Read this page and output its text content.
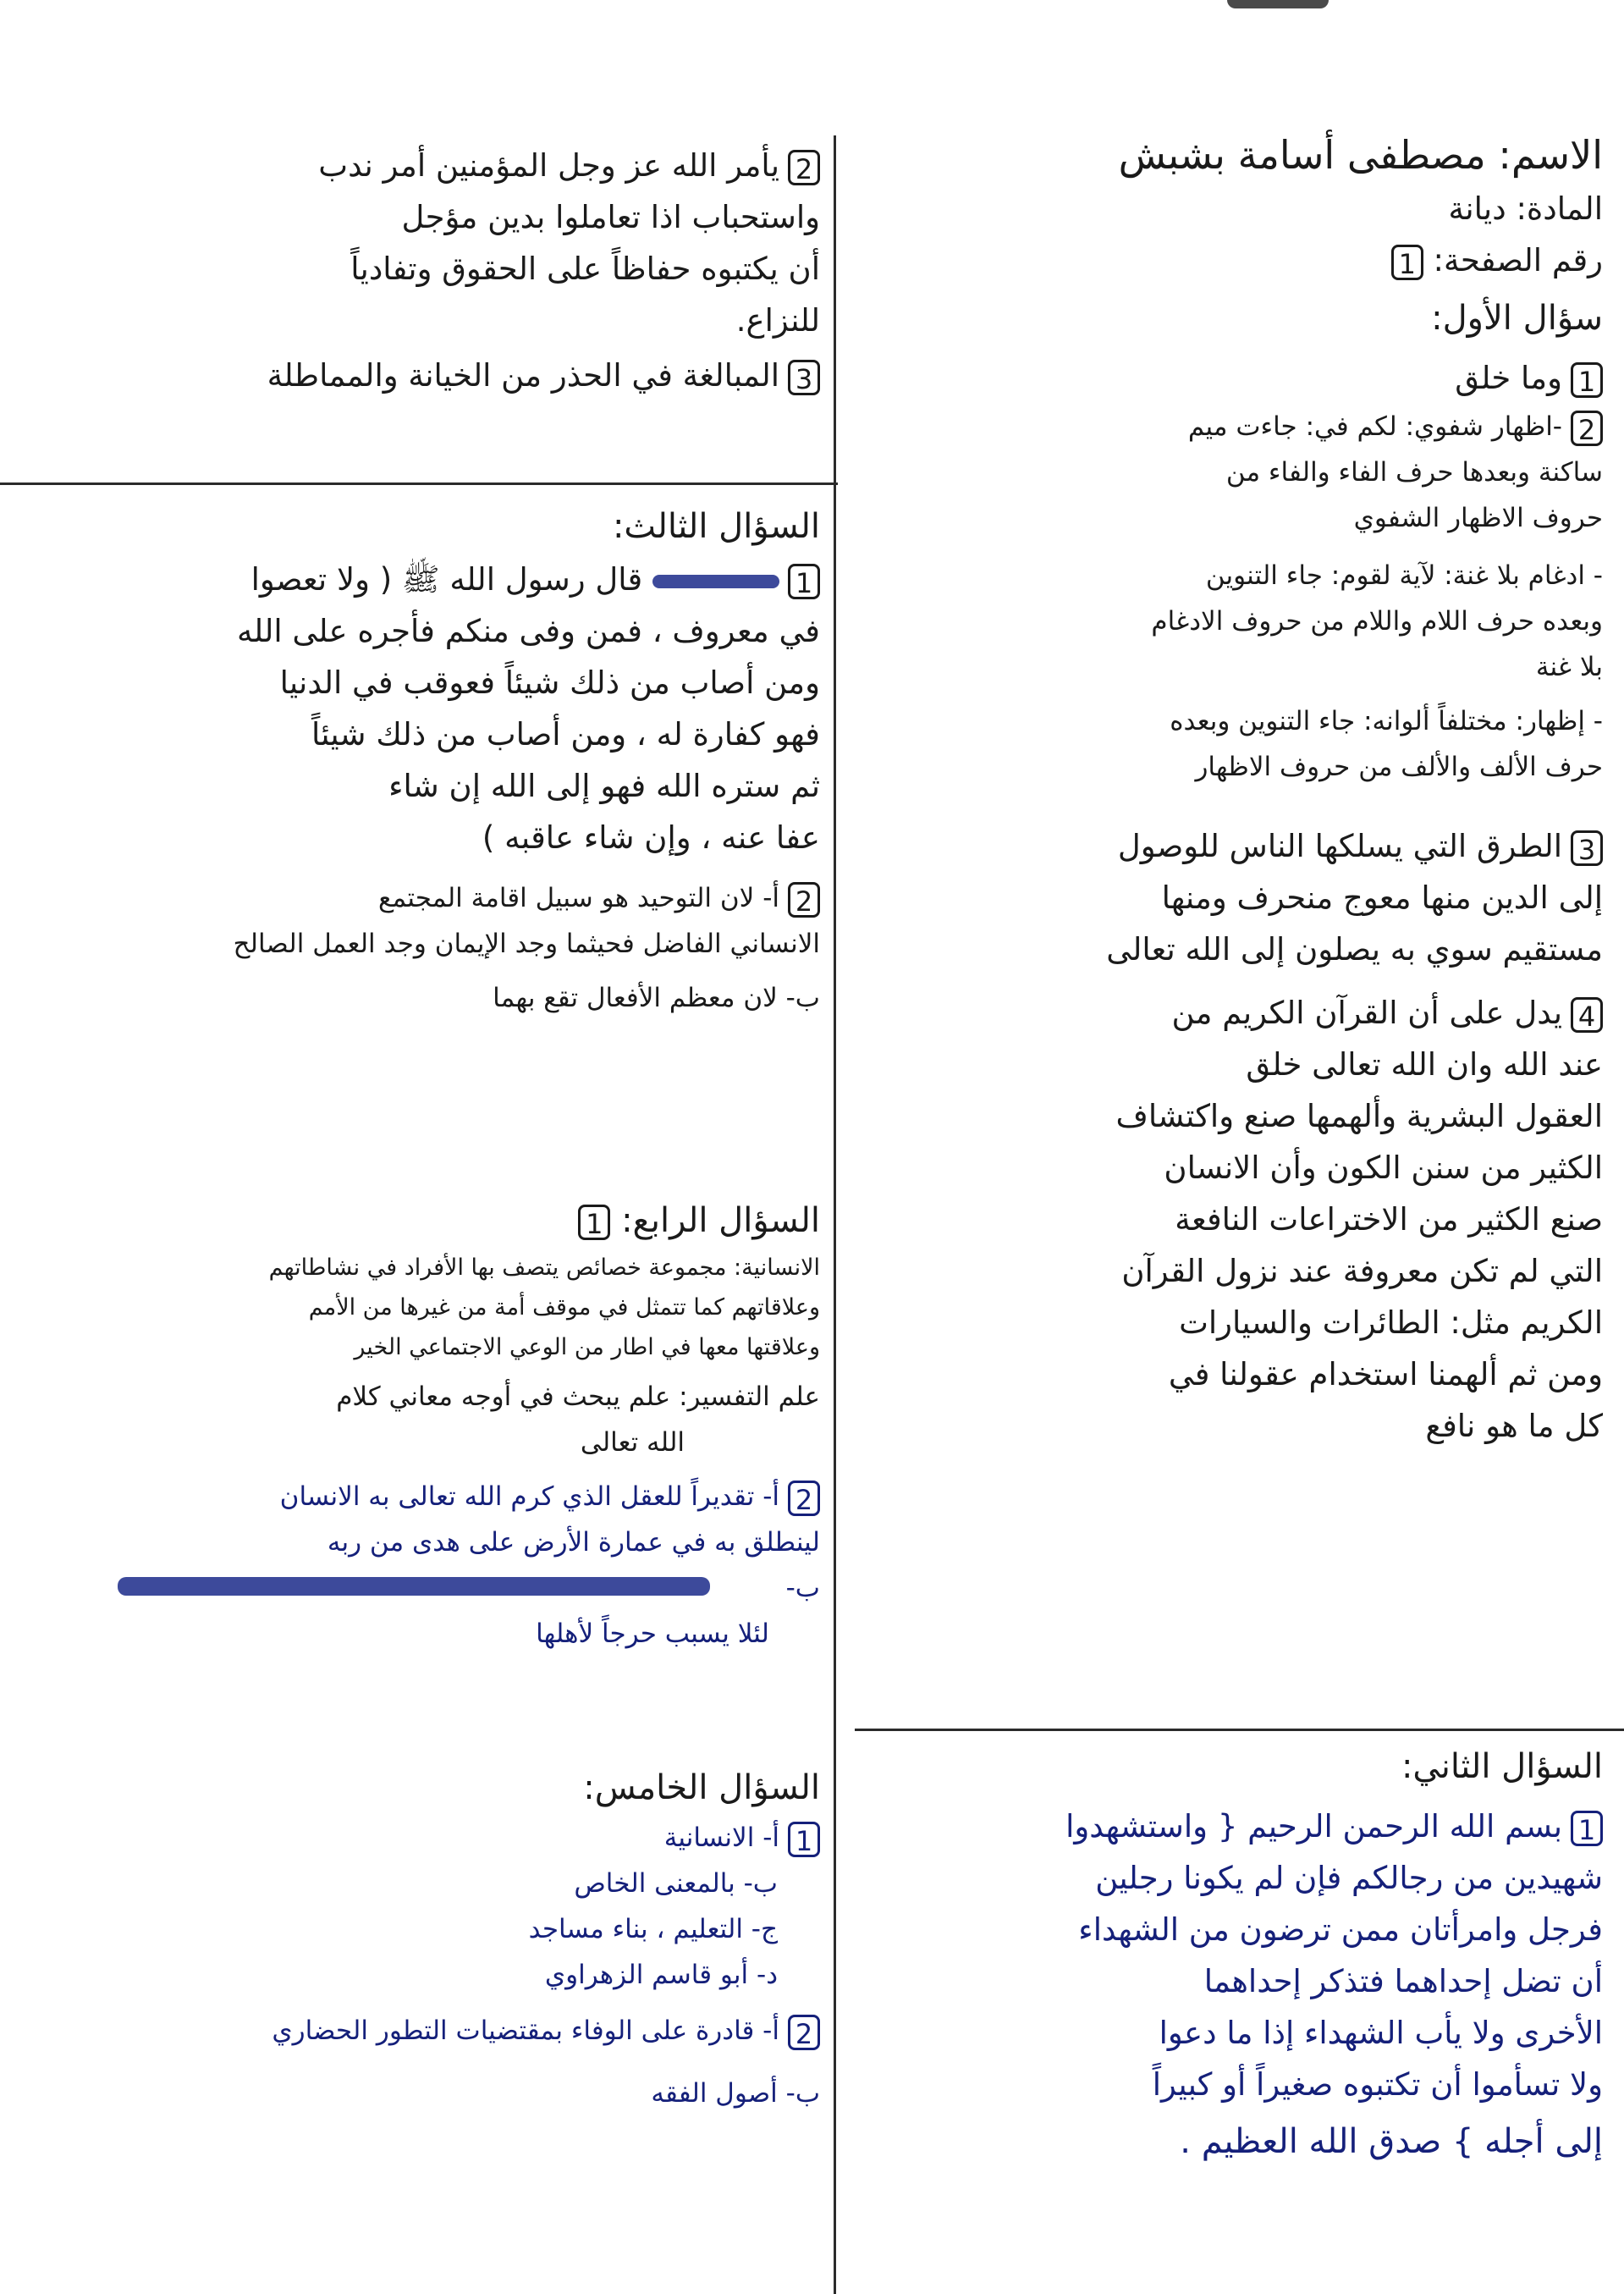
الاسم: مصطفى أسامة بشبش
المادة: ديانة
رقم الصفحة: 1
سؤال الأول:
1وما خلق
2-اظهار شفوي: لكم في: جاءت ميم
ساكنة وبعدها حرف الفاء والفاء من
حروف الاظهار الشفوي
- ادغام بلا غنة: لآية لقوم: جاء التنوين
وبعده حرف اللام واللام من حروف الادغام
بلا غنة
- إظهار: مختلفاً ألوانه: جاء التنوين وبعده
حرف الألف والألف من حروف الاظهار
3الطرق التي يسلكها الناس للوصول
إلى الدين منها معوج منحرف ومنها
مستقيم سوي به يصلون إلى الله تعالى
4يدل على أن القرآن الكريم من
عند الله وان الله تعالى خلق
العقول البشرية وألهمها صنع واكتشاف
الكثير من سنن الكون وأن الانسان
صنع الكثير من الاختراعات النافعة
التي لم تكن معروفة عند نزول القرآن
الكريم مثل: الطائرات والسيارات
ومن ثم ألهمنا استخدام عقولنا في
كل ما هو نافع
السؤال الثاني:
1بسم الله الرحمن الرحيم { واستشهدوا
شهيدين من رجالكم فإن لم يكونا رجلين
فرجل وامرأتان ممن ترضون من الشهداء
أن تضل إحداهما فتذكر إحداهما
الأخرى ولا يأب الشهداء إذا ما دعوا
ولا تسأموا أن تكتبوه صغيراً أو كبيراً
إلى أجله } صدق الله العظيم .
2يأمر الله عز وجل المؤمنين أمر ندب
واستحباب اذا تعاملوا بدين مؤجل
أن يكتبوه حفاظاً على الحقوق وتفادياً
للنزاع.
3المبالغة في الحذر من الخيانة والمماطلة
السؤال الثالث:
1 قال رسول الله ﷺ ( ولا تعصوا
في معروف ، فمن وفى منكم فأجره على الله
ومن أصاب من ذلك شيئاً فعوقب في الدنيا
فهو كفارة له ، ومن أصاب من ذلك شيئاً
ثم ستره الله فهو إلى الله إن شاء
عفا عنه ، وإن شاء عاقبه )
2أ- لان التوحيد هو سبيل اقامة المجتمع
الانساني الفاضل فحيثما وجد الإيمان وجد العمل الصالح
ب- لان معظم الأفعال تقع بهما
السؤال الرابع: 1
الانسانية: مجموعة خصائص يتصف بها الأفراد في نشاطاتهم
وعلاقاتهم كما تتمثل في موقف أمة من غيرها من الأمم
وعلاقتها معها في اطار من الوعي الاجتماعي الخير
علم التفسير: علم يبحث في أوجه معاني كلام
الله تعالى
2أ- تقديراً للعقل الذي كرم الله تعالى به الانسان
لينطلق به في عمارة الأرض على هدى من ربه
ب-
لئلا يسبب حرجاً لأهلها
السؤال الخامس:
1أ- الانسانية
ب- بالمعنى الخاص
ج- التعليم ، بناء مساجد
د- أبو قاسم الزهراوي
2أ- قادرة على الوفاء بمقتضيات التطور الحضاري
ب- أصول الفقه
